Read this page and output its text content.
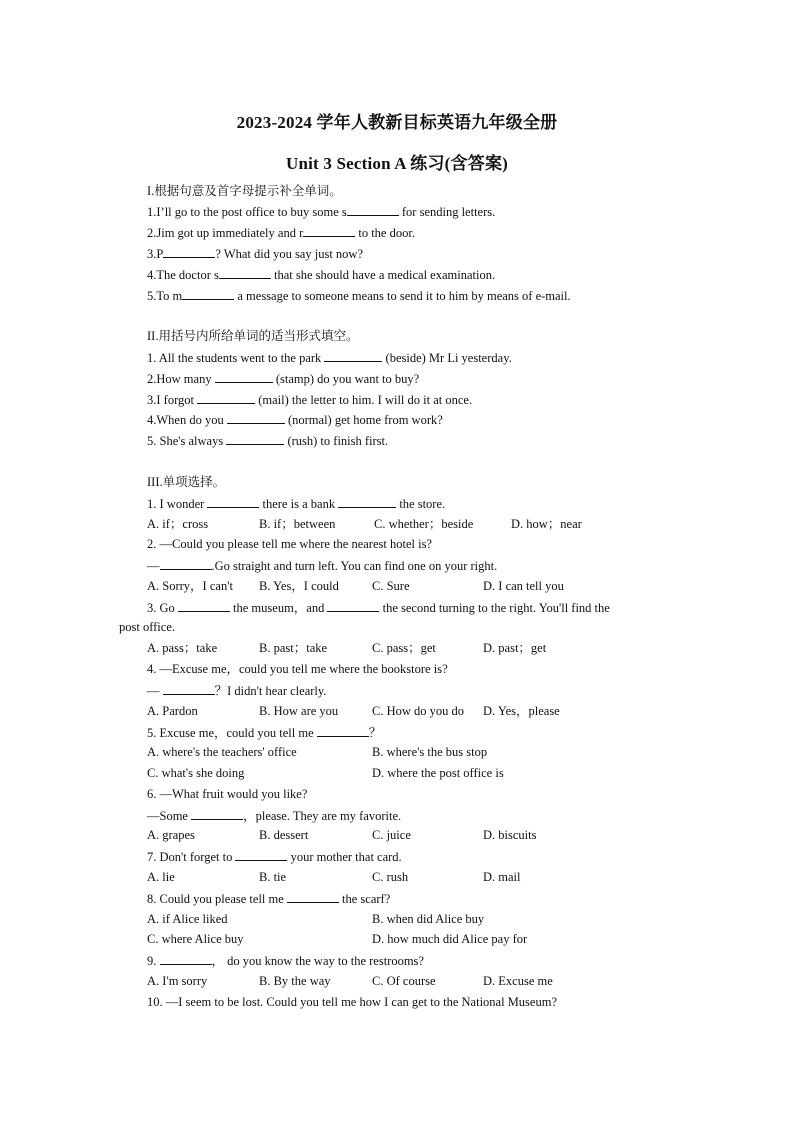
2023-2024 学年人教新目标英语九年级全册
Unit 3 Section A 练习(含答案)
I.根据句意及首字母提示补全单词。
1.I’ll go to the post office to buy some s	for sending letters.
2.Jim got up immediately and r	to the door.
3.P	? What did you say just now?
4.The doctor s	that she should have a medical examination.
5.To m	a message to someone means to send it to him by means of e-mail.
II.用括号内所给单词的适当形式填空。
1. All the students went to the park	(beside) Mr Li yesterday.
2.How many	(stamp) do you want to buy?
3.I forgot	(mail) the letter to him. I will do it at once.
4.When do you	(normal) get home from work?
5. She's always	(rush) to finish first.
III.单项选择。
1. I wonder	there is a bank	the store.
A. if；cross	B. if；between	C. whether；beside	D. how；near
2. —Could you please tell me where the nearest hotel is?
—	.Go straight and turn left. You can find one on your right.
A. Sorry，I can't B. Yes，I could	C. Sure	D. I can tell you
3. Go	the museum，and	the second turning to the right. You'll find the
post office.
A. pass；take	B. past；take	C. pass；get	D. past；get
4. —Excuse me，could you tell me where the bookstore is?
—	？I didn't hear clearly.
A. Pardon	B. How are you	C. How do you do D. Yes，please
5. Excuse me，could you tell me	？
A. where's the teachers' office	B. where's the bus stop
C. what's she doing	D. where the post office is
6. —What fruit would you like?
—Some	，please. They are my favorite.
A. grapes	B. dessert	C. juice	D. biscuits
7. Don't forget to	your mother that card.
A. lie	B. tie	C. rush	D. mail
8. Could you please tell me	the scarf?
A. if Alice liked	B. when did Alice buy
C. where Alice buy	D. how much did Alice pay for
9.	， do you know the way to the restrooms?
A. I'm sorry	B. By the way	C. Of course	D. Excuse me
10. —I seem to be lost. Could you tell me how I can get to the National Museum?
